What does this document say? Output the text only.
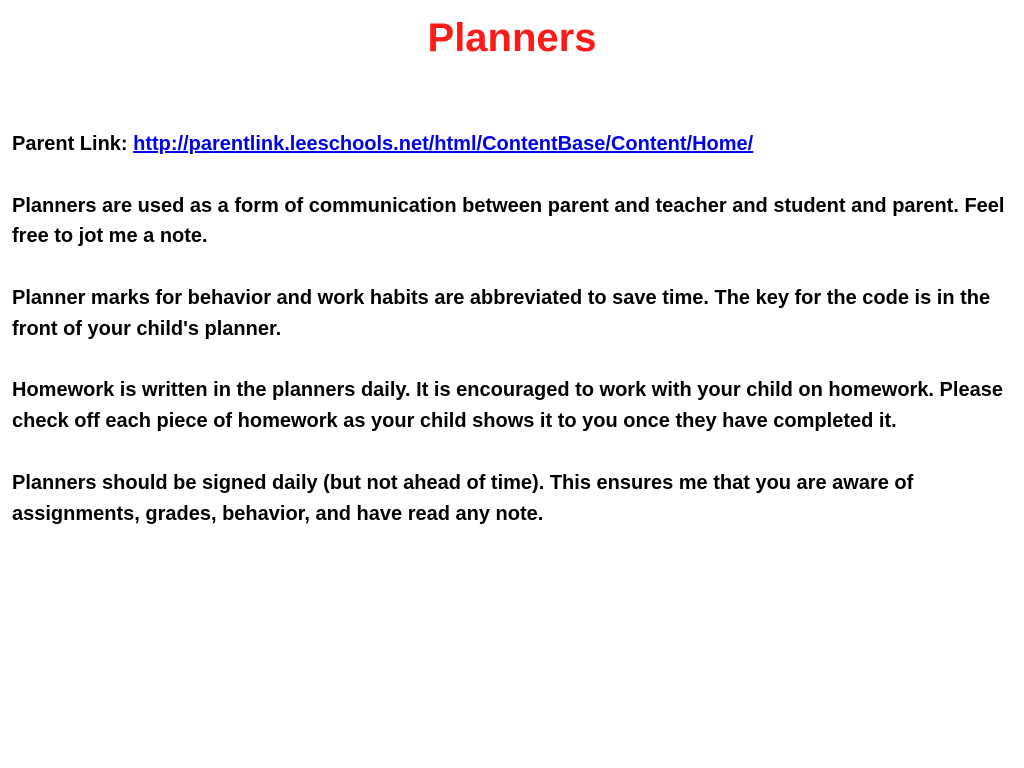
Planners

Parent Link: http://parentlink.leeschools.net/html/ContentBase/Content/Home/

Planners are used as a form of communication between parent and teacher and student and parent. Feel free to jot me a note.

Planner marks for behavior and work habits are abbreviated to save time. The key for the code is in the front of your child's planner.

Homework is written in the planners daily. It is encouraged to work with your child on homework. Please check off each piece of homework as your child shows it to you once they have completed it.

Planners should be signed daily (but not ahead of time). This ensures me that you are aware of assignments, grades, behavior, and have read any note.
